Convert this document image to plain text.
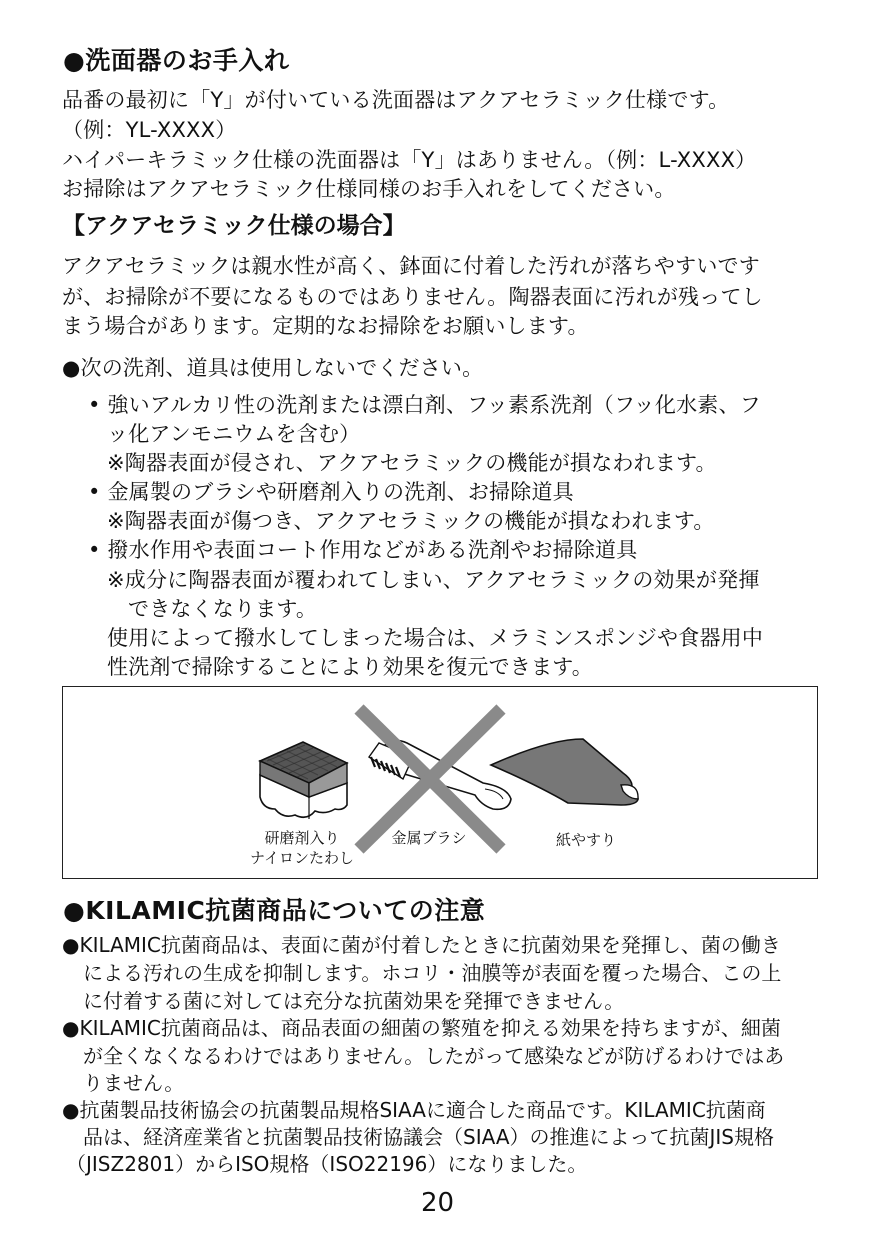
●洗面器のお手入れ
品番の最初に「Y」が付いている洗面器はアクアセラミック仕様です。
（例：YL-XXXX）
ハイパーキラミック仕様の洗面器は「Y」はありません。（例：L-XXXX）
お掃除はアクアセラミック仕様同様のお手入れをしてください。
【アクアセラミック仕様の場合】
アクアセラミックは親水性が高く、鉢面に付着した汚れが落ちやすいです
が、お掃除が不要になるものではありません。陶器表面に汚れが残ってし
まう場合があります。定期的なお掃除をお願いします。
●次の洗剤、道具は使用しないでください。
• 強いアルカリ性の洗剤または漂白剤、フッ素系洗剤（フッ化水素、フ
ッ化アンモニウムを含む）
※陶器表面が侵され、アクアセラミックの機能が損なわれます。
• 金属製のブラシや研磨剤入りの洗剤、お掃除道具
※陶器表面が傷つき、アクアセラミックの機能が損なわれます。
• 撥水作用や表面コート作用などがある洗剤やお掃除道具
※成分に陶器表面が覆われてしまい、アクアセラミックの効果が発揮
できなくなります。
使用によって撥水してしまった場合は、メラミンスポンジや食器用中
性洗剤で掃除することにより効果を復元できます。
研磨剤入り
ナイロンたわし
金属ブラシ	紙やすり
●KILAMIC抗菌商品についての注意
●KILAMIC抗菌商品は、表面に菌が付着したときに抗菌効果を発揮し、菌の働き
による汚れの生成を抑制します。ホコリ・油膜等が表面を覆った場合、この上
に付着する菌に対しては充分な抗菌効果を発揮できません。
●KILAMIC抗菌商品は、商品表面の細菌の繁殖を抑える効果を持ちますが、細菌
が全くなくなるわけではありません。したがって感染などが防げるわけではあ
りません。
●抗菌製品技術協会の抗菌製品規格SIAAに適合した商品です。KILAMIC抗菌商
品は、経済産業省と抗菌製品技術協議会（SIAA）の推進によって抗菌JIS規格
（JISZ2801）からISO規格（ISO22196）になりました。
20
